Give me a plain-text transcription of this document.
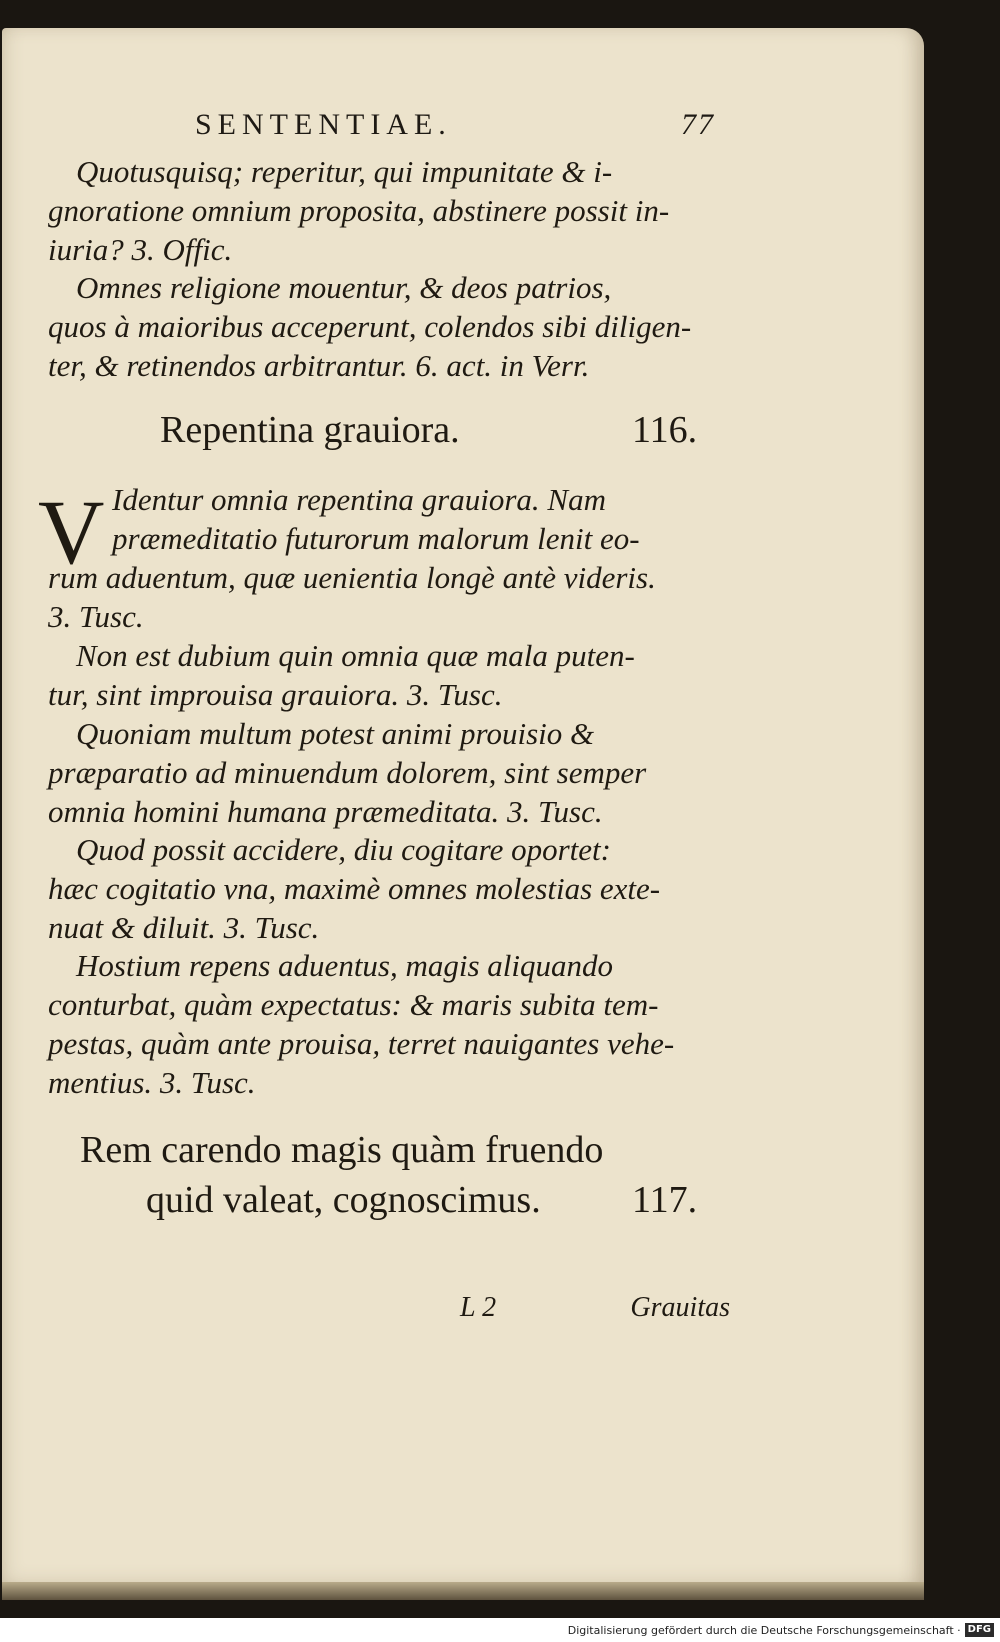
SENTENTIAE.	77
Quotusquisq; reperitur, qui impunitate & i-
gnoratione omnium proposita, abstinere possit in-
iuria? 3. Offic.
Omnes religione mouentur, & deos patrios,
quos à maioribus acceperunt, colendos sibi diligen-
ter, & retinendos arbitrantur. 6. act. in Verr.
Repentina grauiora.	116.
V Identur omnia repentina grauiora. Nam
præmeditatio futurorum malorum lenit eo-
rum aduentum, quæ uenientia longè antè videris.
3. Tusc.
Non est dubium quin omnia quæ mala puten-
tur, sint improuisa grauiora. 3. Tusc.
Quoniam multum potest animi prouisio &
præparatio ad minuendum dolorem, sint semper
omnia homini humana præmeditata. 3. Tusc.
Quod possit accidere, diu cogitare oportet:
hæc cogitatio vna, maximè omnes molestias exte-
nuat & diluit. 3. Tusc.
Hostium repens aduentus, magis aliquando
conturbat, quàm expectatus: & maris subita tem-
pestas, quàm ante prouisa, terret nauigantes vehe-
mentius. 3. Tusc.
Rem carendo magis quàm fruendo
quid valeat, cognoscimus. 117.
L 2	Grauitas
Digitalisierung gefördert durch die Deutsche Forschungsgemeinschaft · DFG
